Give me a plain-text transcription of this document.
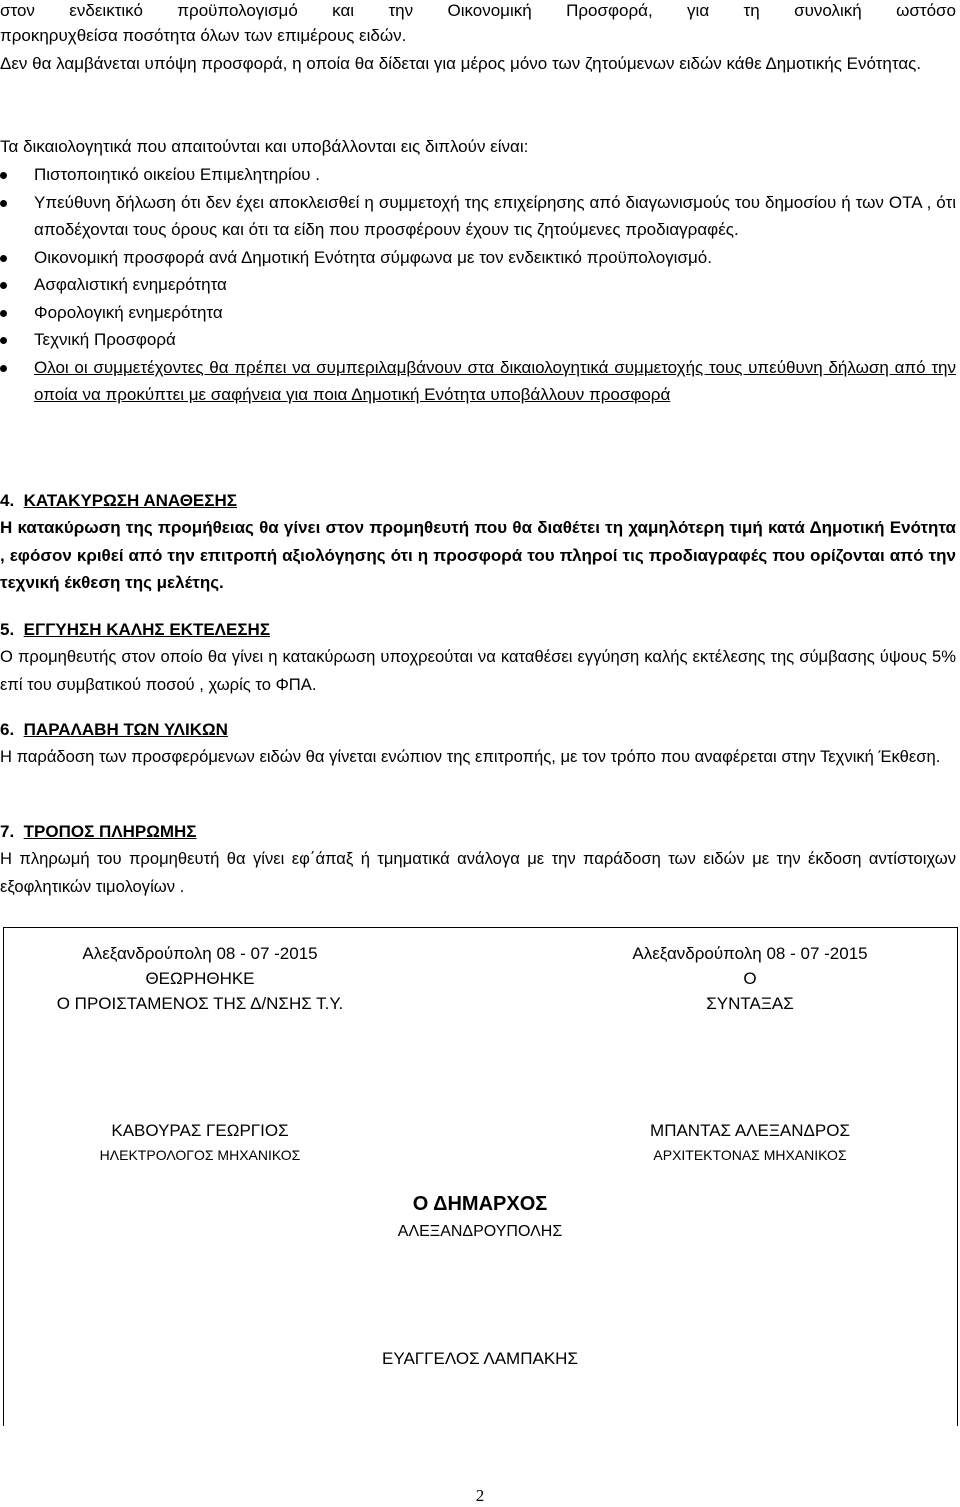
στον ενδεικτικό προϋπολογισμό και την Οικονομική Προσφορά, για τη συνολική ωστόσο
προκηρυχθείσα ποσότητα όλων των επιμέρους ειδών.
Δεν θα λαμβάνεται υπόψη προσφορά, η οποία θα δίδεται για μέρος μόνο των ζητούμενων ειδών κάθε Δημοτικής Ενότητας.
Τα δικαιολογητικά που απαιτούνται και υποβάλλονται εις διπλούν είναι:
Πιστοποιητικό οικείου Επιμελητηρίου .
Υπεύθυνη δήλωση ότι δεν έχει αποκλεισθεί η συμμετοχή της επιχείρησης από διαγωνισμούς του δημοσίου ή των ΟΤΑ , ότι αποδέχονται τους όρους και ότι τα είδη που προσφέρουν έχουν τις ζητούμενες προδιαγραφές.
Οικονομική προσφορά ανά Δημοτική Ενότητα σύμφωνα με τον ενδεικτικό προϋπολογισμό.
Ασφαλιστική ενημερότητα
Φορολογική ενημερότητα
Τεχνική Προσφορά
Ολοι οι συμμετέχοντες θα πρέπει να συμπεριλαμβάνουν στα δικαιολογητικά συμμετοχής τους υπεύθυνη δήλωση από την οποία να προκύπτει με σαφήνεια για ποια Δημοτική Ενότητα υποβάλλουν προσφορά
4. ΚΑΤΑΚΥΡΩΣΗ ΑΝΑΘΕΣΗΣ
Η κατακύρωση της προμήθειας θα γίνει στον προμηθευτή που θα διαθέτει τη χαμηλότερη τιμή κατά Δημοτική Ενότητα , εφόσον κριθεί από την επιτροπή αξιολόγησης ότι η προσφορά του πληροί τις προδιαγραφές που ορίζονται από την τεχνική έκθεση της μελέτης.
5. ΕΓΓΥΗΣΗ ΚΑΛΗΣ ΕΚΤΕΛΕΣΗΣ
Ο προμηθευτής στον οποίο θα γίνει η κατακύρωση υποχρεούται να καταθέσει εγγύηση καλής εκτέλεσης της σύμβασης ύψους 5% επί του συμβατικού ποσού , χωρίς το ΦΠΑ.
6. ΠΑΡΑΛΑΒΗ ΤΩΝ ΥΛΙΚΩΝ
Η παράδοση των προσφερόμενων ειδών θα γίνεται ενώπιον της επιτροπής, με τον τρόπο που αναφέρεται στην Τεχνική Έκθεση.
7. ΤΡΟΠΟΣ ΠΛΗΡΩΜΗΣ
Η πληρωμή του προμηθευτή θα γίνει εφ΄άπαξ ή τμηματικά ανάλογα με την παράδοση των ειδών με την έκδοση αντίστοιχων εξοφλητικών τιμολογίων .
Αλεξανδρούπολη 08 - 07 -2015
ΘΕΩΡΗΘΗΚΕ
Ο ΠΡΟΙΣΤΑΜΕΝΟΣ ΤΗΣ Δ/ΝΣΗΣ Τ.Υ.
Αλεξανδρούπολη 08 - 07 -2015
Ο
ΣΥΝΤΑΞΑΣ
ΚΑΒΟΥΡΑΣ ΓΕΩΡΓΙΟΣ
ΗΛΕΚΤΡΟΛΟΓΟΣ ΜΗΧΑΝΙΚΟΣ
ΜΠΑΝΤΑΣ ΑΛΕΞΑΝΔΡΟΣ
ΑΡΧΙΤΕΚΤΟΝΑΣ ΜΗΧΑΝΙΚΟΣ
Ο ΔΗΜΑΡΧΟΣ
ΑΛΕΞΑΝΔΡΟΥΠΟΛΗΣ
ΕΥΑΓΓΕΛΟΣ ΛΑΜΠΑΚΗΣ
2
